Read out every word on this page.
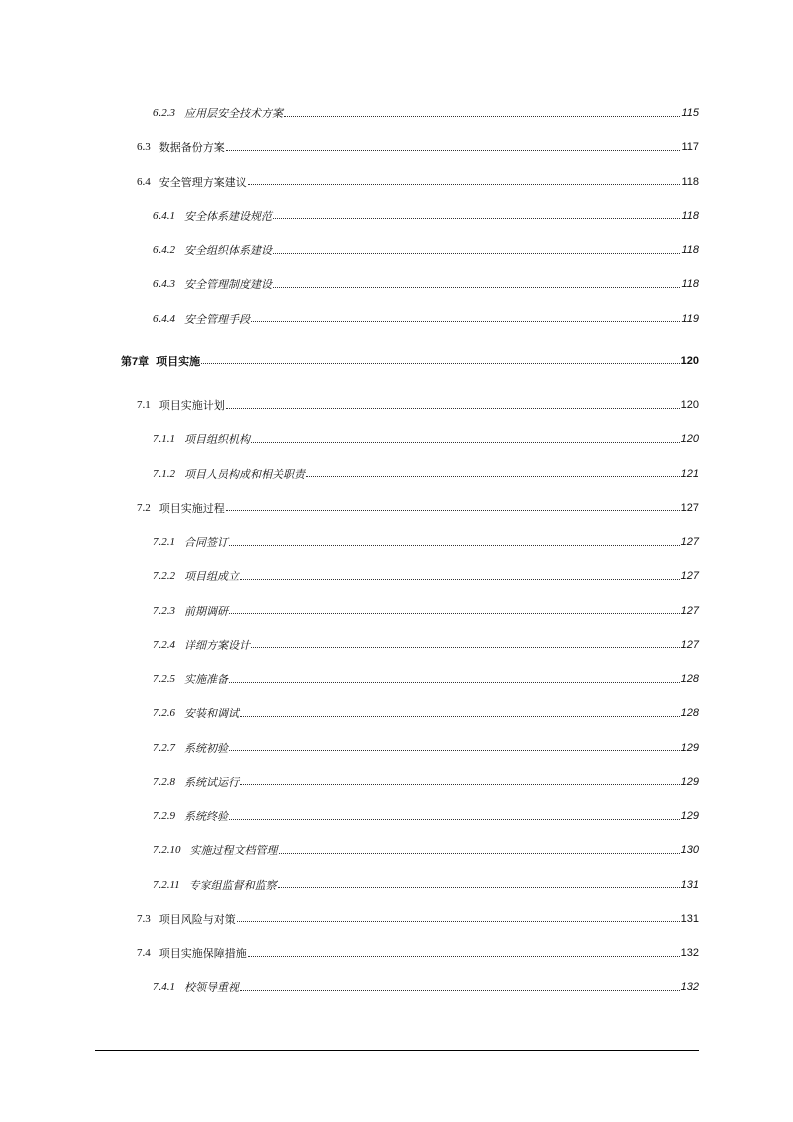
6.2.3 应用层安全技术方案	115
6.3 数据备份方案	117
6.4 安全管理方案建议	118
6.4.1 安全体系建设规范	118
6.4.2 安全组织体系建设	118
6.4.3 安全管理制度建设	118
6.4.4 安全管理手段	119
第7章 项目实施	120
7.1 项目实施计划	120
7.1.1 项目组织机构	120
7.1.2 项目人员构成和相关职责	121
7.2 项目实施过程	127
7.2.1 合同签订	127
7.2.2 项目组成立	127
7.2.3 前期调研	127
7.2.4 详细方案设计	127
7.2.5 实施准备	128
7.2.6 安装和调试	128
7.2.7 系统初验	129
7.2.8 系统试运行	129
7.2.9 系统终验	129
7.2.10 实施过程文档管理	130
7.2.11 专家组监督和监察	131
7.3 项目风险与对策	131
7.4 项目实施保障措施	132
7.4.1 校领导重视	132
